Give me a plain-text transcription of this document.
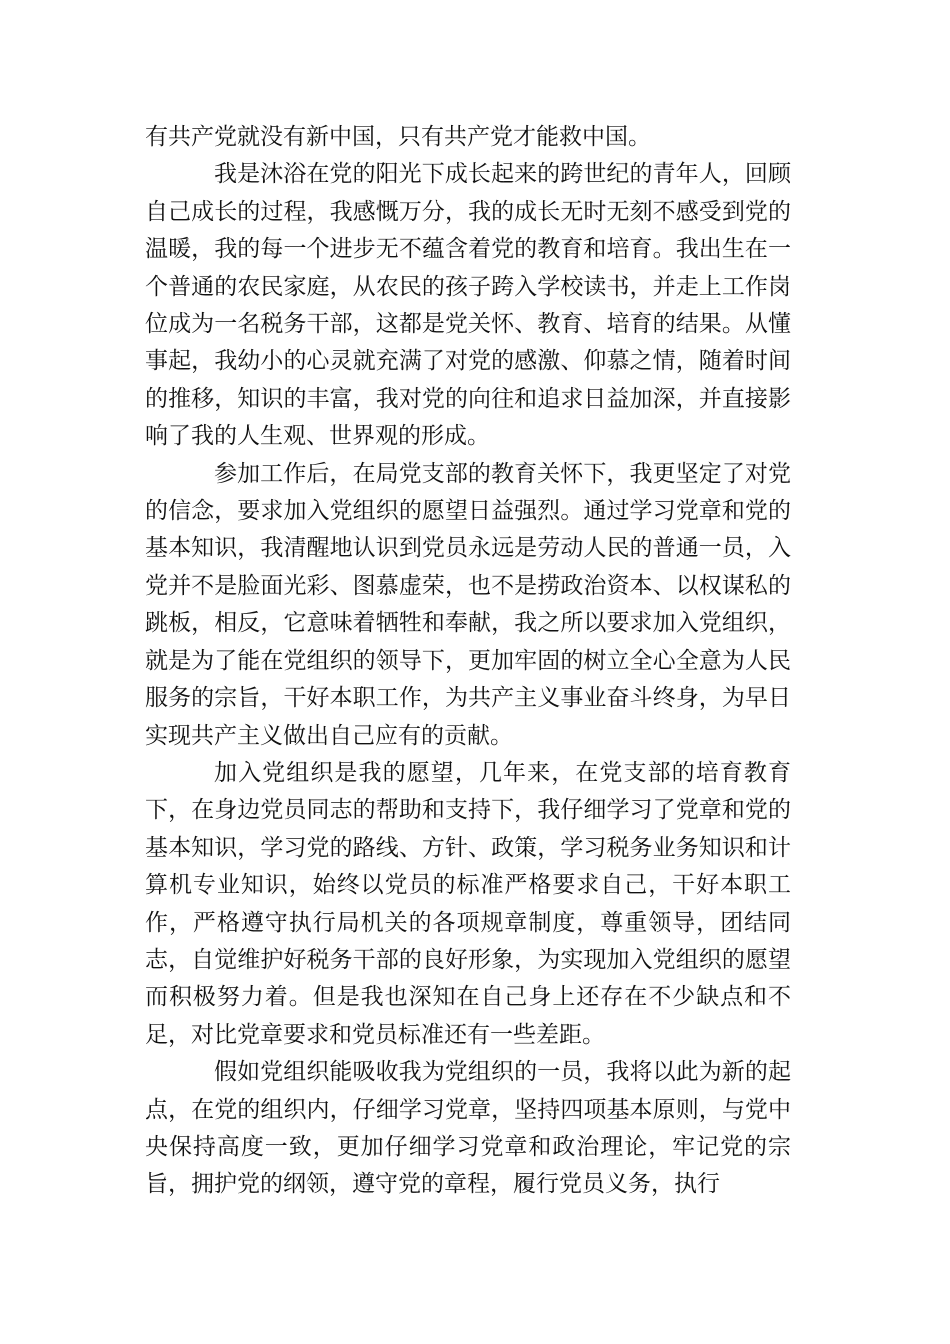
有共产党就没有新中国，只有共产党才能救中国。

我是沐浴在党的阳光下成长起来的跨世纪的青年人，回顾自己成长的过程，我感慨万分，我的成长无时无刻不感受到党的温暖，我的每一个进步无不蕴含着党的教育和培育。我出生在一个普通的农民家庭，从农民的孩子跨入学校读书，并走上工作岗位成为一名税务干部，这都是党关怀、教育、培育的结果。从懂事起，我幼小的心灵就充满了对党的感激、仰慕之情，随着时间的推移，知识的丰富，我对党的向往和追求日益加深，并直接影响了我的人生观、世界观的形成。

参加工作后，在局党支部的教育关怀下，我更坚定了对党的信念，要求加入党组织的愿望日益强烈。通过学习党章和党的基本知识，我清醒地认识到党员永远是劳动人民的普通一员，入党并不是脸面光彩、图慕虚荣，也不是捞政治资本、以权谋私的跳板，相反，它意味着牺牲和奉献，我之所以要求加入党组织，就是为了能在党组织的领导下，更加牢固的树立全心全意为人民服务的宗旨，干好本职工作，为共产主义事业奋斗终身，为早日实现共产主义做出自己应有的贡献。

加入党组织是我的愿望，几年来，在党支部的培育教育下，在身边党员同志的帮助和支持下，我仔细学习了党章和党的基本知识，学习党的路线、方针、政策，学习税务业务知识和计算机专业知识，始终以党员的标准严格要求自己，干好本职工作，严格遵守执行局机关的各项规章制度，尊重领导，团结同志，自觉维护好税务干部的良好形象，为实现加入党组织的愿望而积极努力着。但是我也深知在自己身上还存在不少缺点和不足，对比党章要求和党员标准还有一些差距。

假如党组织能吸收我为党组织的一员，我将以此为新的起点，在党的组织内，仔细学习党章，坚持四项基本原则，与党中央保持高度一致，更加仔细学习党章和政治理论，牢记党的宗旨，拥护党的纲领，遵守党的章程，履行党员义务，执行
